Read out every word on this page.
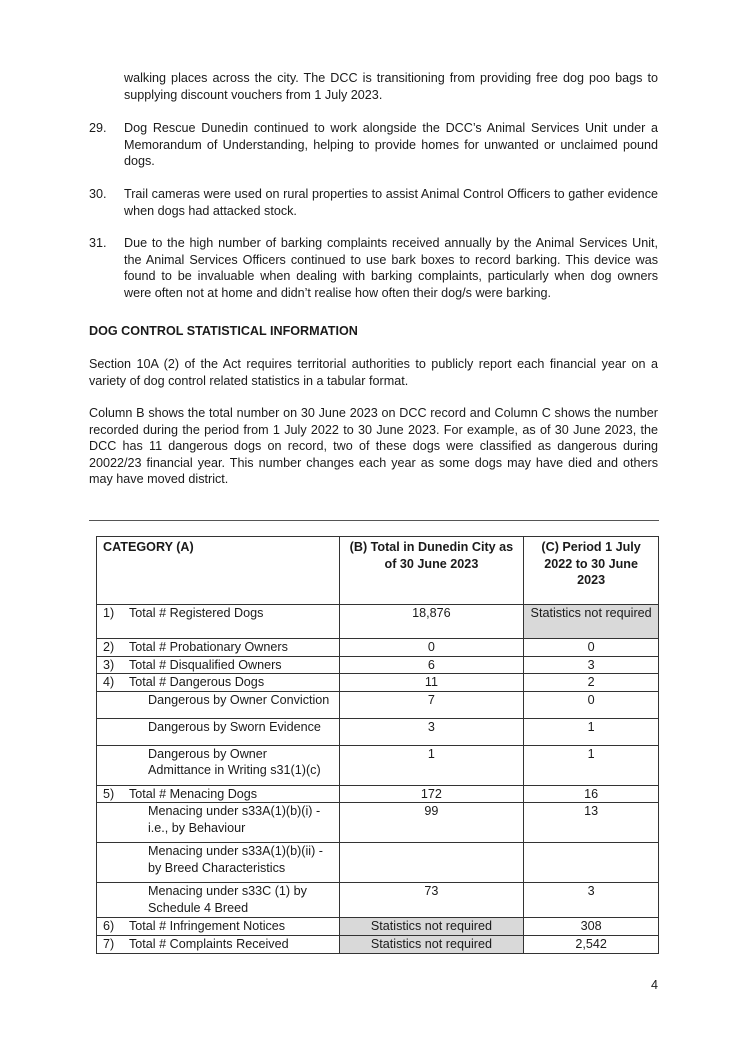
walking places across the city. The DCC is transitioning from providing free dog poo bags to supplying discount vouchers from 1 July 2023.

29. Dog Rescue Dunedin continued to work alongside the DCC’s Animal Services Unit under a Memorandum of Understanding, helping to provide homes for unwanted or unclaimed pound dogs.

30. Trail cameras were used on rural properties to assist Animal Control Officers to gather evidence when dogs had attacked stock.

31. Due to the high number of barking complaints received annually by the Animal Services Unit, the Animal Services Officers continued to use bark boxes to record barking. This device was found to be invaluable when dealing with barking complaints, particularly when dog owners were often not at home and didn’t realise how often their dog/s were barking.

DOG CONTROL STATISTICAL INFORMATION

Section 10A (2) of the Act requires territorial authorities to publicly report each financial year on a variety of dog control related statistics in a tabular format.

Column B shows the total number on 30 June 2023 on DCC record and Column C shows the number recorded during the period from 1 July 2022 to 30 June 2023. For example, as of 30 June 2023, the DCC has 11 dangerous dogs on record, two of these dogs were classified as dangerous during 20022/23 financial year. This number changes each year as some dogs may have died and others may have moved district.

CATEGORY (A)	(B) Total in Dunedin City as of 30 June 2023	(C) Period 1 July 2022 to 30 June 2023
1) Total # Registered Dogs	18,876	Statistics not required
2) Total # Probationary Owners	0	0
3) Total # Disqualified Owners	6	3
4) Total # Dangerous Dogs	11	2
Dangerous by Owner Conviction	7	0
Dangerous by Sworn Evidence	3	1
Dangerous by Owner Admittance in Writing s31(1)(c)	1	1
5) Total # Menacing Dogs	172	16
Menacing under s33A(1)(b)(i) - i.e., by Behaviour	99	13
Menacing under s33A(1)(b)(ii) - by Breed Characteristics		
Menacing under s33C (1) by Schedule 4 Breed	73	3
6) Total # Infringement Notices	Statistics not required	308
7) Total # Complaints Received	Statistics not required	2,542
4
